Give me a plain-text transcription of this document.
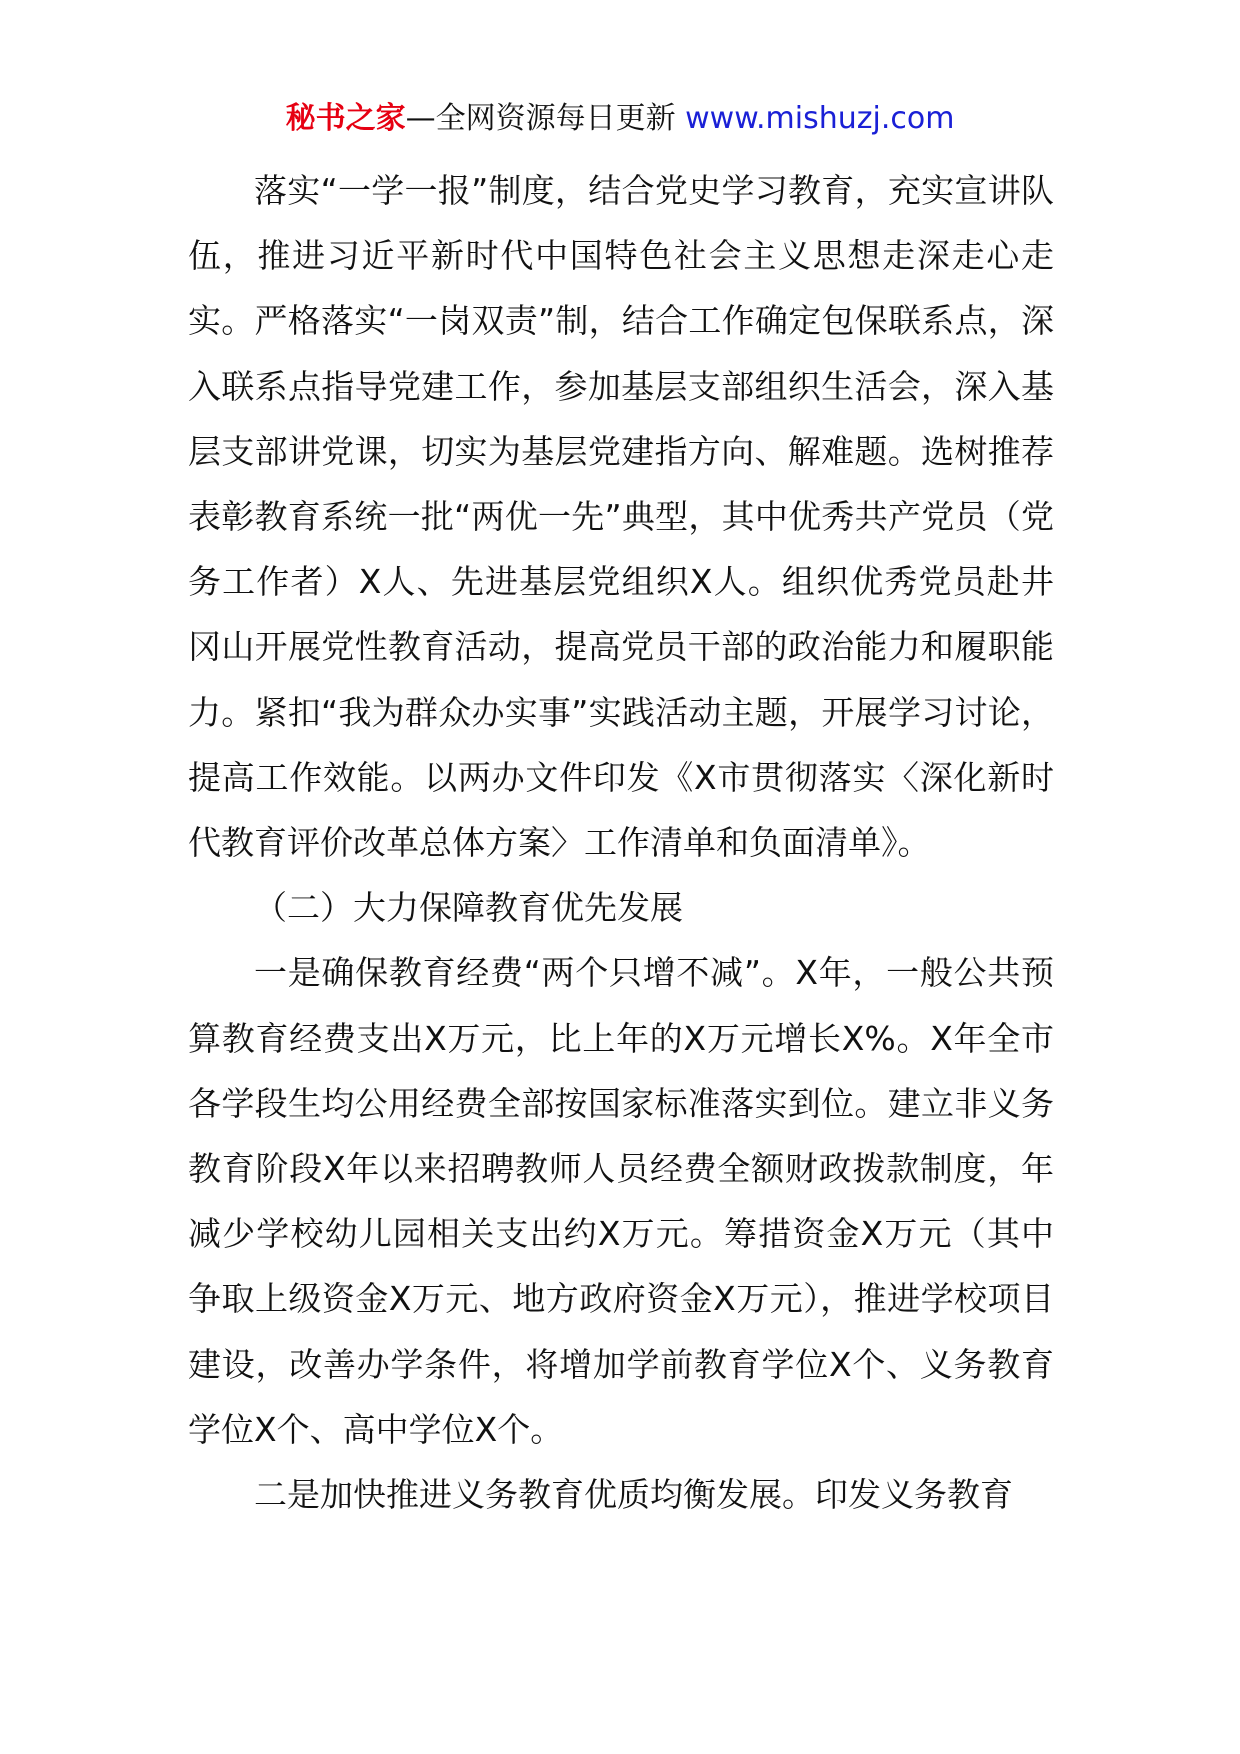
秘书之家—全网资源每日更新 www.mishuzj.com

落实“一学一报”制度，结合党史学习教育，充实宣讲队伍，推进习近平新时代中国特色社会主义思想走深走心走实。严格落实“一岗双责”制，结合工作确定包保联系点，深入联系点指导党建工作，参加基层支部组织生活会，深入基层支部讲党课，切实为基层党建指方向、解难题。选树推荐表彰教育系统一批“两优一先”典型，其中优秀共产党员（党务工作者）X人、先进基层党组织X人。组织优秀党员赴井冈山开展党性教育活动，提高党员干部的政治能力和履职能力。紧扣“我为群众办实事”实践活动主题，开展学习讨论，提高工作效能。以两办文件印发《X市贯彻落实〈深化新时代教育评价改革总体方案〉工作清单和负面清单》。

（二）大力保障教育优先发展

一是确保教育经费“两个只增不减”。X年，一般公共预算教育经费支出X万元，比上年的X万元增长X%。X年全市各学段生均公用经费全部按国家标准落实到位。建立非义务教育阶段X年以来招聘教师人员经费全额财政拨款制度，年减少学校幼儿园相关支出约X万元。筹措资金X万元（其中争取上级资金X万元、地方政府资金X万元），推进学校项目建设，改善办学条件，将增加学前教育学位X个、义务教育学位X个、高中学位X个。

二是加快推进义务教育优质均衡发展。印发义务教育
